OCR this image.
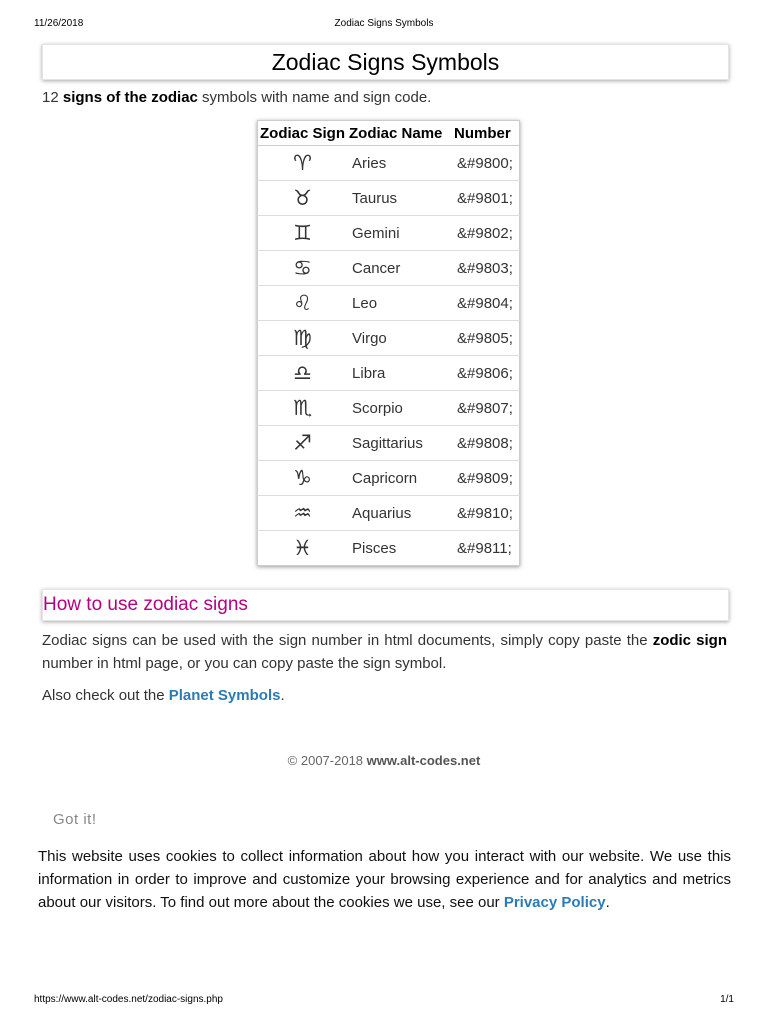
11/26/2018	Zodiac Signs Symbols
Zodiac Signs Symbols

12 signs of the zodiac symbols with name and sign code.

Zodiac Sign	Zodiac Name	Number
♈	Aries	&#9800;
♉	Taurus	&#9801;
♊	Gemini	&#9802;
♋	Cancer	&#9803;
♌	Leo	&#9804;
♍	Virgo	&#9805;
♎	Libra	&#9806;
♏	Scorpio	&#9807;
♐	Sagittarius	&#9808;
♑	Capricorn	&#9809;
♒	Aquarius	&#9810;
♓	Pisces	&#9811;
How to use zodiac signs

Zodiac signs can be used with the sign number in html documents, simply copy paste the zodic sign number in html page, or you can copy paste the sign symbol.

Also check out the Planet Symbols.

© 2007-2018 www.alt-codes.net
Got it!

This website uses cookies to collect information about how you interact with our website. We use this information in order to improve and customize your browsing experience and for analytics and metrics about our visitors. To find out more about the cookies we use, see our Privacy Policy.

https://www.alt-codes.net/zodiac-signs.php	1/1
